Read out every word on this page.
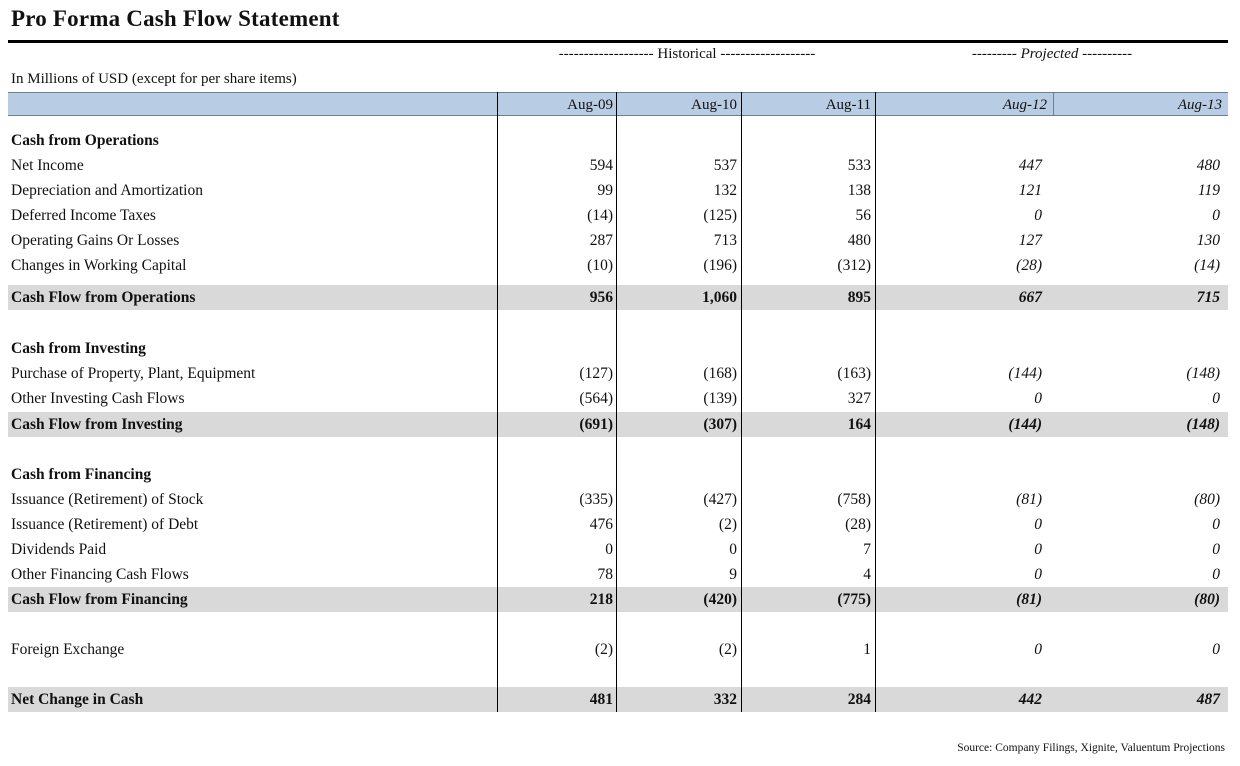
Pro Forma Cash Flow Statement
------------------- Historical -------------------	--------- Projected ----------
In Millions of USD (except for per share items)
Aug-09	Aug-10	Aug-11	Aug-12	Aug-13
Cash from Operations
Net Income	594	537	533	447	480
Depreciation and Amortization	99	132	138	121	119
Deferred Income Taxes	(14)	(125)	56	0	0
Operating Gains Or Losses	287	713	480	127	130
Changes in Working Capital	(10)	(196)	(312)	(28)	(14)
Cash Flow from Operations	956	1,060	895	667	715
Cash from Investing
Purchase of Property, Plant, Equipment	(127)	(168)	(163)	(144)	(148)
Other Investing Cash Flows	(564)	(139)	327	0	0
Cash Flow from Investing	(691)	(307)	164	(144)	(148)
Cash from Financing
Issuance (Retirement) of Stock	(335)	(427)	(758)	(81)	(80)
Issuance (Retirement) of Debt	476	(2)	(28)	0	0
Dividends Paid	0	0	7	0	0
Other Financing Cash Flows	78	9	4	0	0
Cash Flow from Financing	218	(420)	(775)	(81)	(80)
Foreign Exchange	(2)	(2)	1	0	0
Net Change in Cash	481	332	284	442	487
Source: Company Filings, Xignite, Valuentum Projections
